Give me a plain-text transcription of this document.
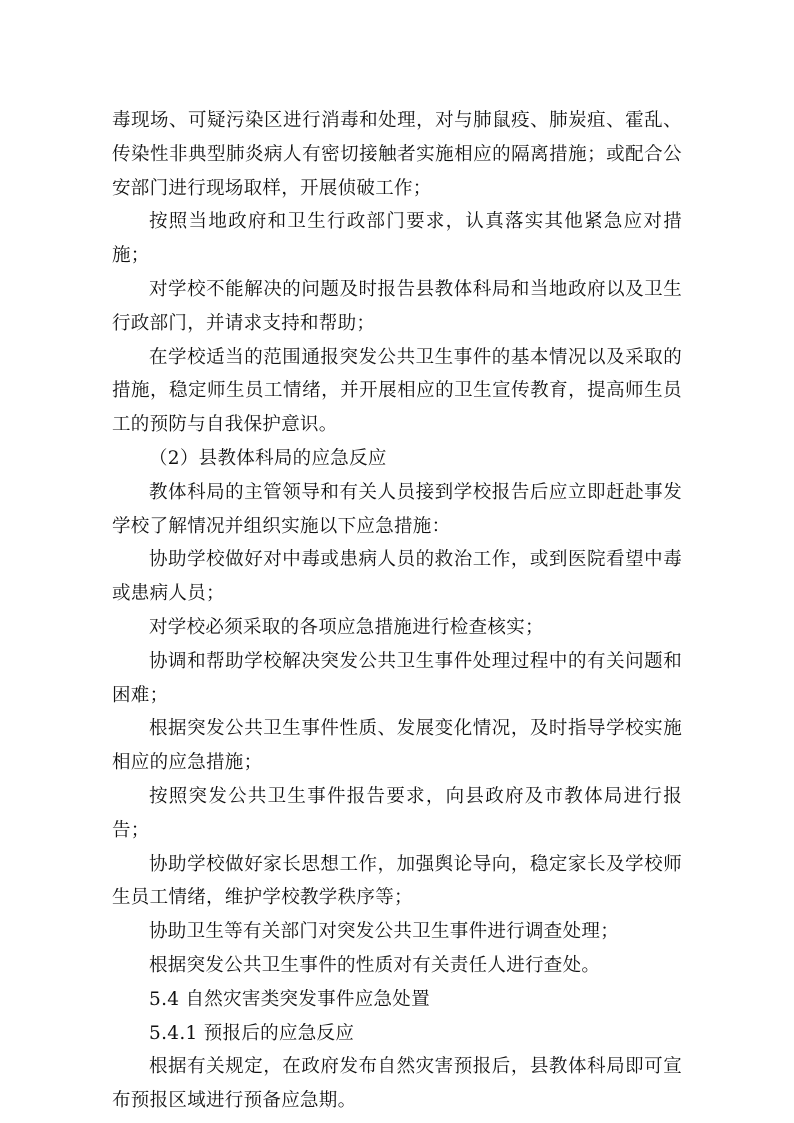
毒现场、可疑污染区进行消毒和处理，对与肺鼠疫、肺炭疽、霍乱、传染性非典型肺炎病人有密切接触者实施相应的隔离措施；或配合公安部门进行现场取样，开展侦破工作；

按照当地政府和卫生行政部门要求，认真落实其他紧急应对措施；

对学校不能解决的问题及时报告县教体科局和当地政府以及卫生行政部门，并请求支持和帮助；

在学校适当的范围通报突发公共卫生事件的基本情况以及采取的措施，稳定师生员工情绪，并开展相应的卫生宣传教育，提高师生员工的预防与自我保护意识。

（2）县教体科局的应急反应

教体科局的主管领导和有关人员接到学校报告后应立即赶赴事发学校了解情况并组织实施以下应急措施：

协助学校做好对中毒或患病人员的救治工作，或到医院看望中毒或患病人员；

对学校必须采取的各项应急措施进行检查核实；

协调和帮助学校解决突发公共卫生事件处理过程中的有关问题和困难；

根据突发公共卫生事件性质、发展变化情况，及时指导学校实施相应的应急措施；

按照突发公共卫生事件报告要求，向县政府及市教体局进行报告；

协助学校做好家长思想工作，加强舆论导向，稳定家长及学校师生员工情绪，维护学校教学秩序等；

协助卫生等有关部门对突发公共卫生事件进行调查处理；

根据突发公共卫生事件的性质对有关责任人进行查处。

5.4 自然灾害类突发事件应急处置

5.4.1 预报后的应急反应

根据有关规定，在政府发布自然灾害预报后，县教体科局即可宣布预报区域进行预备应急期。
